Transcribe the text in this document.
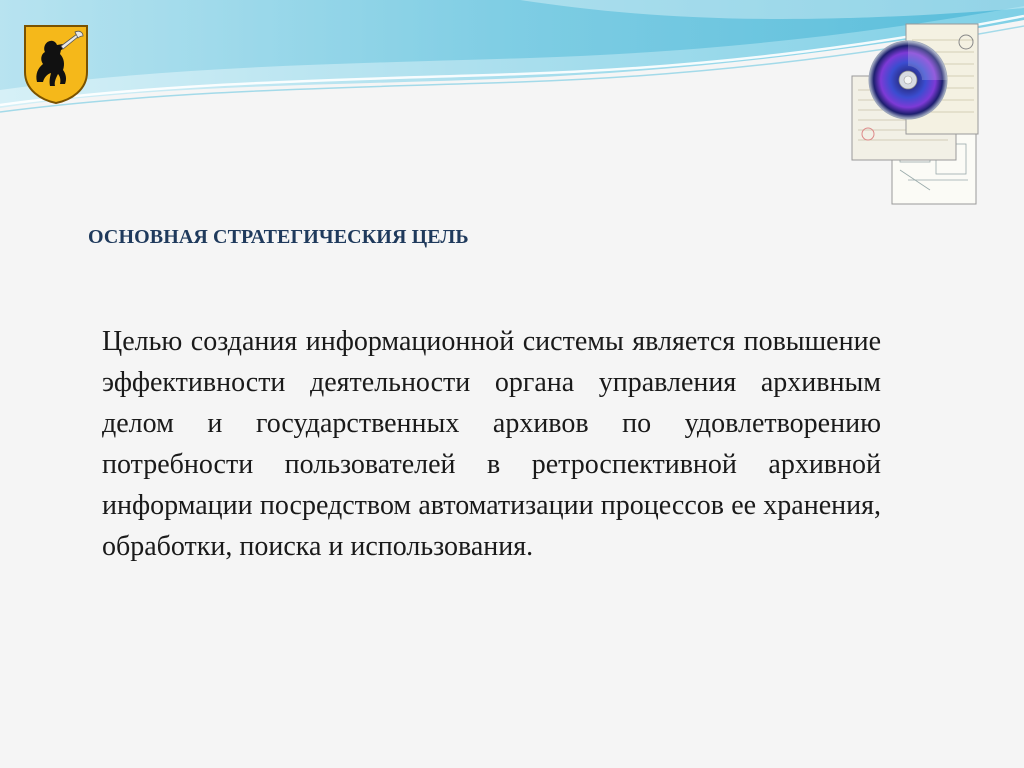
ОСНОВНАЯ СТРАТЕГИЧЕСКИЯ ЦЕЛЬ

Целью создания информационной системы является повышение эффективности деятельности органа управления архивным делом и государственных архивов по удовлетворению потребности пользователей в ретроспективной архивной информации посредством автоматизации процессов ее хранения, обработки, поиска и использования.
